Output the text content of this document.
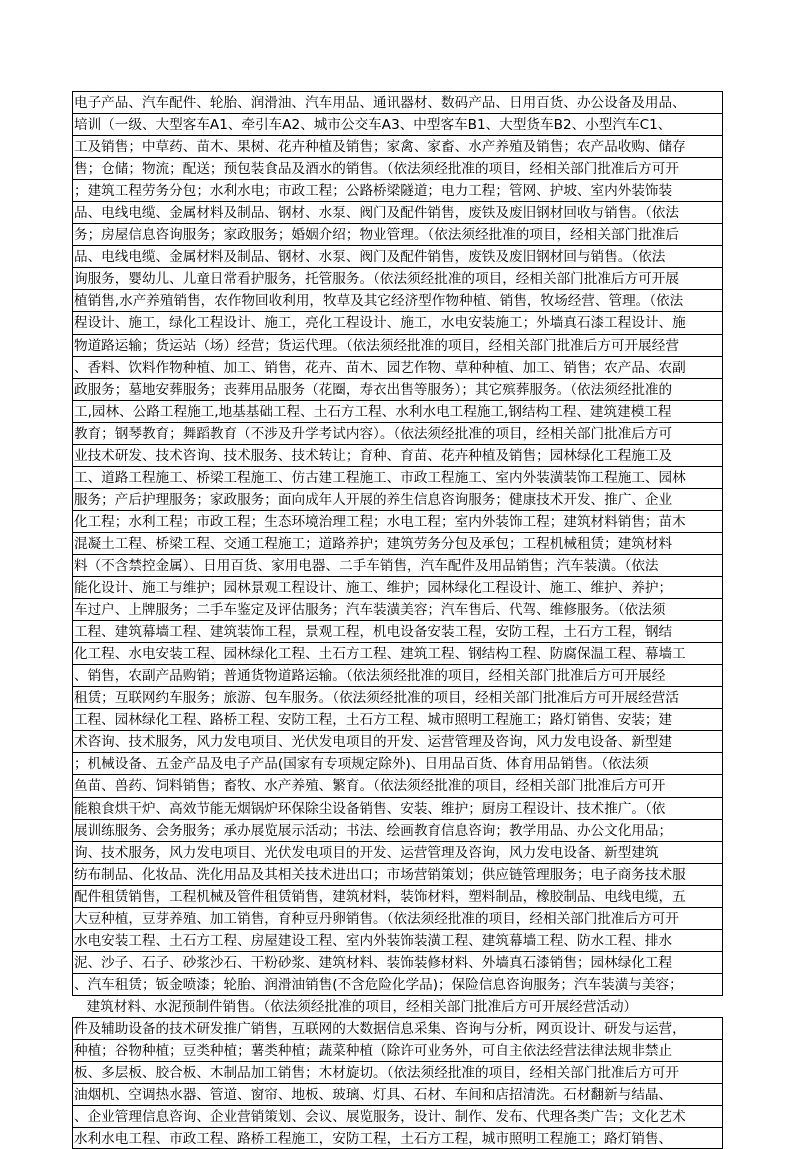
电子产品、汽车配件、轮胎、润滑油、汽车用品、通讯器材、数码产品、日用百货、办公设备及用品、
培训（一级、大型客车A1、牵引车A2、城市公交车A3、中型客车B1、大型货车B2、小型汽车C1、
工及销售；中草药、苗木、果树、花卉种植及销售；家禽、家畜、水产养殖及销售；农产品收购、储存
售；仓储；物流；配送；预包装食品及酒水的销售。（依法须经批准的项目，经相关部门批准后方可开
；建筑工程劳务分包；水利水电；市政工程；公路桥梁隧道；电力工程；管网、护坡、室内外装饰装
品、电线电缆、金属材料及制品、钢材、水泵、阀门及配件销售，废铁及废旧钢材回收与销售。（依法
务；房屋信息咨询服务；家政服务；婚姻介绍；物业管理。（依法须经批准的项目，经相关部门批准后
品、电线电缆、金属材料及制品、钢材、水泵、阀门及配件销售，废铁及废旧钢材回与销售。（依法
询服务，婴幼儿、儿童日常看护服务，托管服务。（依法须经批准的项目，经相关部门批准后方可开展
植销售,水产养殖销售，农作物回收利用，牧草及其它经济型作物种植、销售，牧场经营、管理。（依法
程设计、施工，绿化工程设计、施工，亮化工程设计、施工，水电安装施工；外墙真石漆工程设计、施
物道路运输；货运站（场）经营；货运代理。（依法须经批准的项目，经相关部门批准后方可开展经营
、香料、饮料作物种植、加工、销售，花卉、苗木、园艺作物、草种种植、加工、销售；农产品、农副
政服务；墓地安葬服务；丧葬用品服务（花圈，寿衣出售等服务）；其它殡葬服务。（依法须经批准的
工,园林、公路工程施工,地基基础工程、土石方工程、水利水电工程施工,钢结构工程、建筑建模工程
教育；钢琴教育；舞蹈教育（不涉及升学考试内容）。（依法须经批准的项目，经相关部门批准后方可
业技术研发、技术咨询、技术服务、技术转让；育种、育苗、花卉种植及销售；园林绿化工程施工及
工、道路工程施工、桥梁工程施工、仿古建工程施工、市政工程施工、室内外装潢装饰工程施工、园林
服务；产后护理服务；家政服务；面向成年人开展的养生信息咨询服务；健康技术开发、推广、企业
化工程；水利工程；市政工程；生态环境治理工程；水电工程；室内外装饰工程；建筑材料销售；苗木
混凝土工程、桥梁工程、交通工程施工；道路养护；建筑劳务分包及承包；工程机械租赁；建筑材料
料（不含禁控金属）、日用百货、家用电器、二手车销售，汽车配件及用品销售；汽车装潢。（依法
能化设计、施工与维护；园林景观工程设计、施工、维护；园林绿化工程设计、施工、维护、养护；
车过户、上牌服务；二手车鉴定及评估服务；汽车装潢美容；汽车售后、代驾、维修服务。（依法须
工程、建筑幕墙工程、建筑装饰工程，景观工程，机电设备安装工程，安防工程，土石方工程，钢结
化工程、水电安装工程、园林绿化工程、土石方工程、建筑工程、钢结构工程、防腐保温工程、幕墙工
、销售，农副产品购销；普通货物道路运输。（依法须经批准的项目，经相关部门批准后方可开展经
租赁；互联网约车服务；旅游、包车服务。（依法须经批准的项目，经相关部门批准后方可开展经营活
工程、园林绿化工程、路桥工程、安防工程，土石方工程、城市照明工程施工；路灯销售、安装；建
术咨询、技术服务，风力发电项目、光伏发电项目的开发、运营管理及咨询，风力发电设备、新型建
；机械设备、五金产品及电子产品(国家有专项规定除外)、日用品百货、体育用品销售。（依法须
鱼苗、兽药、饲料销售；畜牧、水产养殖、繁育。（依法须经批准的项目，经相关部门批准后方可开
能粮食烘干炉、高效节能无烟锅炉环保除尘设备销售、安装、维护；厨房工程设计、技术推广。（依
展训练服务、会务服务；承办展览展示活动；书法、绘画教育信息咨询；教学用品、办公文化用品；
询、技术服务，风力发电项目、光伏发电项目的开发、运营管理及咨询，风力发电设备、新型建筑
纺布制品、化妆品、洗化用品及其相关技术进出口；市场营销策划；供应链管理服务；电子商务技术服
配件租赁销售，工程机械及管件租赁销售，建筑材料，装饰材料，塑料制品，橡胶制品、电线电缆，五
大豆种植，豆芽养殖、加工销售，育种豆丹卵销售。（依法须经批准的项目，经相关部门批准后方可开
水电安装工程、土石方工程、房屋建设工程、室内外装饰装潢工程、建筑幕墙工程、防水工程、排水
泥、沙子、石子、砂浆沙石、干粉砂浆、建筑材料、装饰装修材料、外墙真石漆销售；园林绿化工程
、汽车租赁；钣金喷漆；轮胎、润滑油销售(不含危险化学品)；保险信息咨询服务；汽车装潢与美容；
　建筑材料、水泥预制件销售。（依法须经批准的项目，经相关部门批准后方可开展经营活动）
件及辅助设备的技术研发推广销售，互联网的大数据信息采集、咨询与分析，网页设计、研发与运营，
种植；谷物种植；豆类种植；薯类种植；蔬菜种植（除许可业务外，可自主依法经营法律法规非禁止
板、多层板、胶合板、木制品加工销售；木材旋切。（依法须经批准的项目，经相关部门批准后方可开
油烟机、空调热水器、管道、窗帘、地板、玻璃、灯具、石材、车间和店招清洗。石材翻新与结晶、
、企业管理信息咨询、企业营销策划、会议、展览服务，设计、制作、发布、代理各类广告；文化艺术
水利水电工程、市政工程、路桥工程施工，安防工程，土石方工程，城市照明工程施工；路灯销售、
